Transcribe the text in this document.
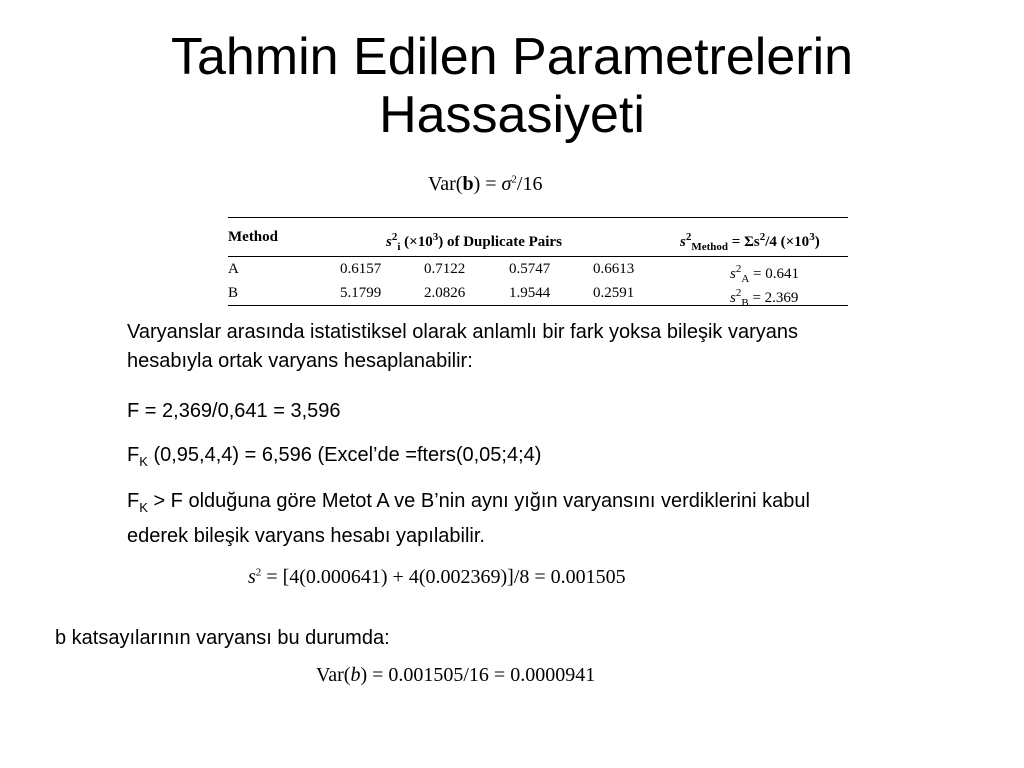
Tahmin Edilen Parametrelerin
Hassasiyeti
$Var(b) = \sigma^2/16$
Method	$s^2_i$ $(\times 10^3)$ of Duplicate Pairs	$s^2_{Method} = \Sigma s^2/4$ $(\times 10^3)$
A	0.6157	0.7122	0.5747	0.6613	$s^2_A = 0.641$
B	5.1799	2.0826	1.9544	0.2591	$s^2_B = 2.369$
Varyanslar arasında istatistiksel olarak anlamlı bir fark yoksa bileşik varyans hesabıyla ortak varyans hesaplanabilir:
F = 2,369/0,641 = 3,596
$F_K$ (0,95,4,4) = 6,596 (Excel’de =fters(0,05;4;4)
$F_K > F$ olduğuna göre Metot A ve B’nin aynı yığın varyansını verdiklerini kabul ederek bileşik varyans hesabı yapılabilir.
$s^2 = [4(0.000641) + 4(0.002369)]/8 = 0.001505$
b katsayılarının varyansı bu durumda:
Var(b) = 0.001505/16 = 0.0000941
